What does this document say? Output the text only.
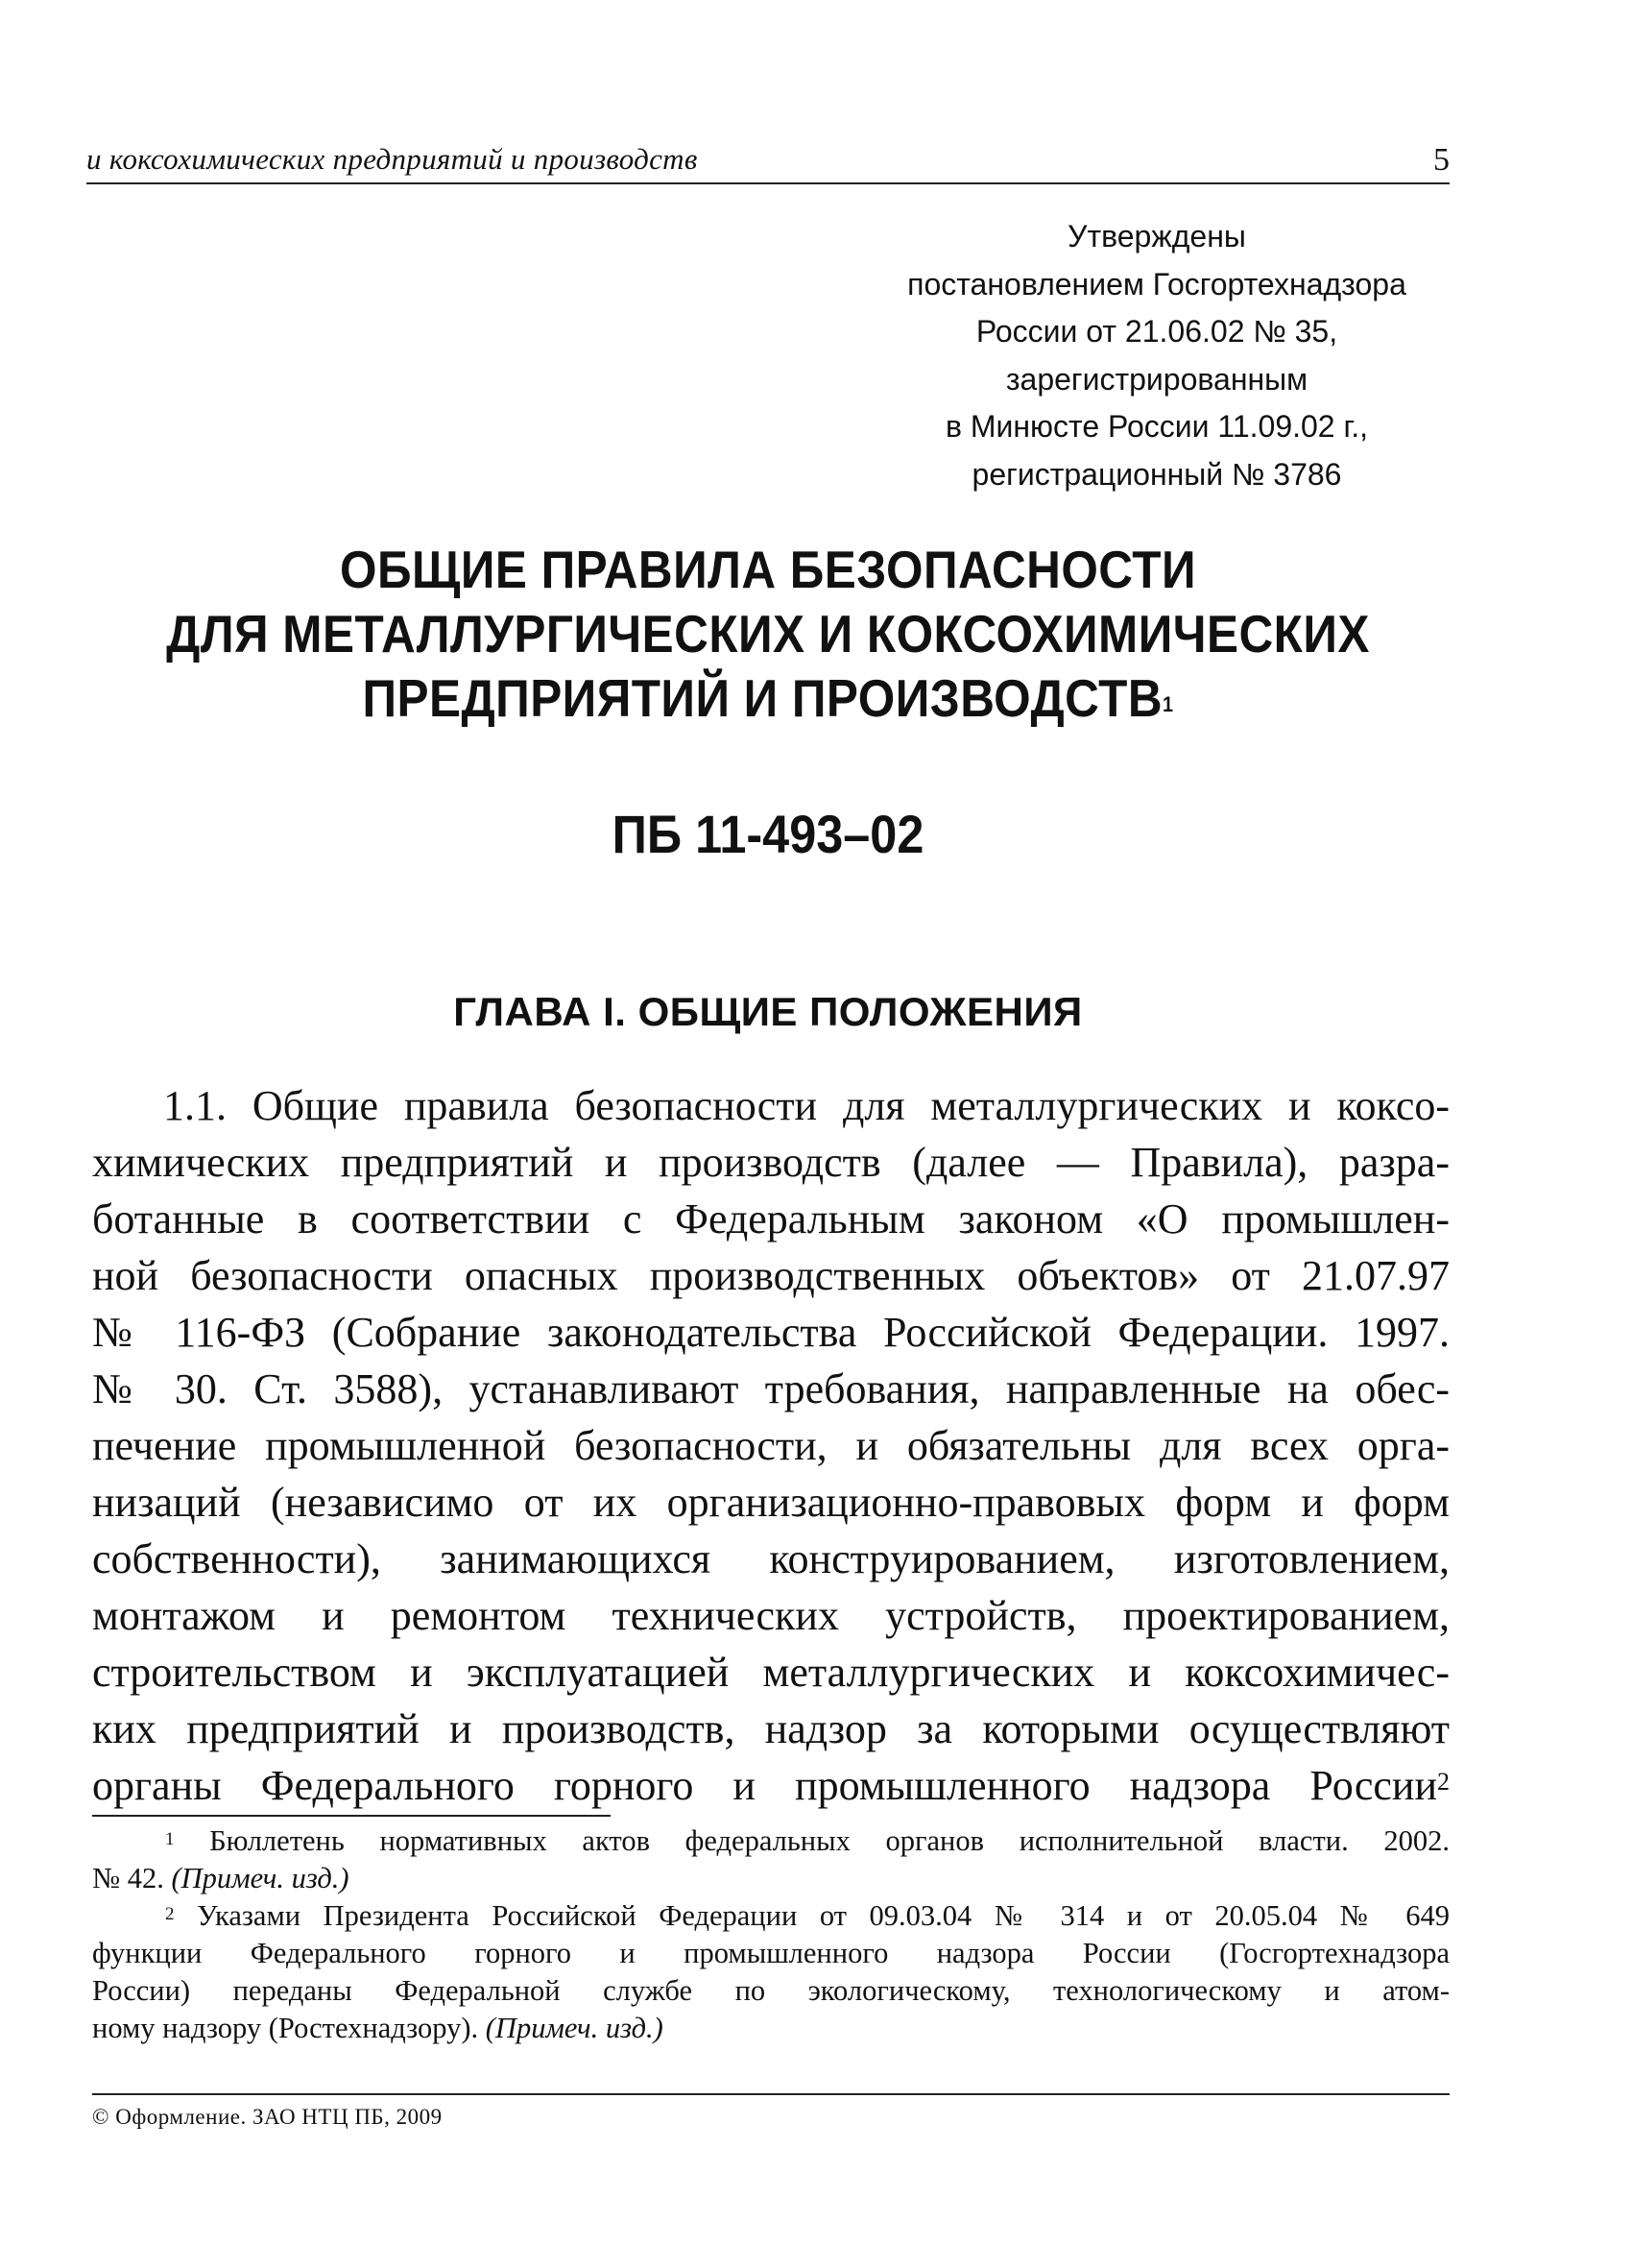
и коксохимических предприятий и производств	5
Утверждены
постановлением Госгортехнадзора
России от 21.06.02 № 35,
зарегистрированным
в Минюсте России 11.09.02 г.,
регистрационный № 3786
ОБЩИЕ ПРАВИЛА БЕЗОПАСНОСТИ
ДЛЯ МЕТАЛЛУРГИЧЕСКИХ И КОКСОХИМИЧЕСКИХ
ПРЕДПРИЯТИЙ И ПРОИЗВОДСТВ$^1$
ПБ 11-493–02
ГЛАВА I. ОБЩИЕ ПОЛОЖЕНИЯ
1.1. Общие правила безопасности для металлургических и коксо-
химических предприятий и производств (далее — Правила), разра-
ботанные в соответствии с Федеральным законом «О промышлен-
ной безопасности опасных производственных объектов» от 21.07.97
№ 116-ФЗ (Собрание законодательства Российской Федерации. 1997.
№ 30. Ст. 3588), устанавливают требования, направленные на обес-
печение промышленной безопасности, и обязательны для всех орга-
низаций (независимо от их организационно-правовых форм и форм
собственности), занимающихся конструированием, изготовлением,
монтажом и ремонтом технических устройств, проектированием,
строительством и эксплуатацией металлургических и коксохимичес-
ких предприятий и производств, надзор за которыми осуществляют
органы Федерального горного и промышленного надзора России$^2$
$^1$ Бюллетень нормативных актов федеральных органов исполнительной власти. 2002.
№ 42. (Примеч. изд.)
$^2$ Указами Президента Российской Федерации от 09.03.04 № 314 и от 20.05.04 № 649
функции Федерального горного и промышленного надзора России (Госгортехнадзора
России) переданы Федеральной службе по экологическому, технологическому и атом-
ному надзору (Ростехнадзору). (Примеч. изд.)
© Оформление. ЗАО НТЦ ПБ, 2009
